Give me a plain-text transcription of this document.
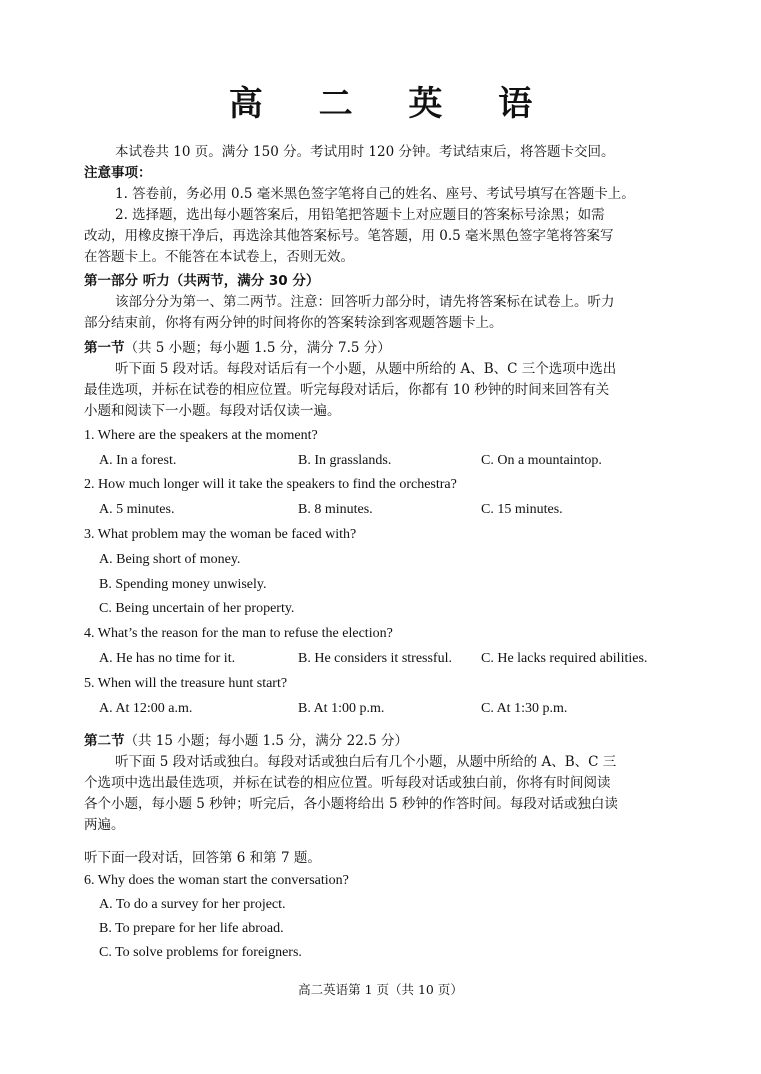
高 二 英 语
本试卷共 10 页。满分 150 分。考试用时 120 分钟。考试结束后，将答题卡交回。
注意事项：
1. 答卷前，务必用 0.5 毫米黑色签字笔将自己的姓名、座号、考试号填写在答题卡上。
2. 选择题，选出每小题答案后，用铅笔把答题卡上对应题目的答案标号涂黑；如需
改动，用橡皮擦干净后，再选涂其他答案标号。笔答题，用 0.5 毫米黑色签字笔将答案写
在答题卡上。不能答在本试卷上，否则无效。
第一部分 听力（共两节，满分 30 分）
该部分分为第一、第二两节。注意：回答听力部分时，请先将答案标在试卷上。听力
部分结束前，你将有两分钟的时间将你的答案转涂到客观题答题卡上。
第一节（共 5 小题；每小题 1.5 分，满分 7.5 分）
听下面 5 段对话。每段对话后有一个小题，从题中所给的 A、B、C 三个选项中选出
最佳选项，并标在试卷的相应位置。听完每段对话后，你都有 10 秒钟的时间来回答有关
小题和阅读下一小题。每段对话仅读一遍。
1. Where are the speakers at the moment?
A. In a forest.	B. In grasslands.	C. On a mountaintop.
2. How much longer will it take the speakers to find the orchestra?
A. 5 minutes.	B. 8 minutes.	C. 15 minutes.
3. What problem may the woman be faced with?
A. Being short of money.
B. Spending money unwisely.
C. Being uncertain of her property.
4. What’s the reason for the man to refuse the election?
A. He has no time for it.	B. He considers it stressful. C. He lacks required abilities.
5. When will the treasure hunt start?
A. At 12:00 a.m.	B. At 1:00 p.m.	C. At 1:30 p.m.
第二节（共 15 小题；每小题 1.5 分，满分 22.5 分）
听下面 5 段对话或独白。每段对话或独白后有几个小题，从题中所给的 A、B、C 三
个选项中选出最佳选项，并标在试卷的相应位置。听每段对话或独白前，你将有时间阅读
各个小题，每小题 5 秒钟；听完后，各小题将给出 5 秒钟的作答时间。每段对话或独白读
两遍。
听下面一段对话，回答第 6 和第 7 题。
6. Why does the woman start the conversation?
A. To do a survey for her project.
B. To prepare for her life abroad.
C. To solve problems for foreigners.
高二英语第 1 页（共 10 页）
